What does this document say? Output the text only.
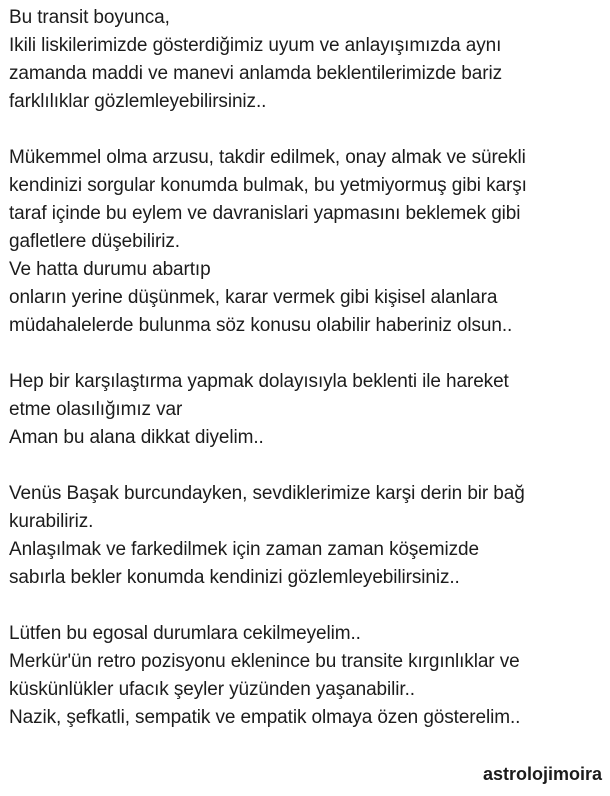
Bu transit boyunca,
Ikili liskilerimizde gösterdiğimiz uyum ve anlayışımızda aynı
zamanda maddi ve manevi anlamda beklentilerimizde bariz
farklılıklar gözlemleyebilirsiniz..
Mükemmel olma arzusu, takdir edilmek, onay almak ve sürekli
kendinizi sorgular konumda bulmak, bu yetmiyormuş gibi karşı
taraf içinde bu eylem ve davranislari yapmasını beklemek gibi
gafletlere düşebiliriz.
Ve hatta durumu abartıp
onların yerine düşünmek, karar vermek gibi kişisel alanlara
müdahalelerde bulunma söz konusu olabilir haberiniz olsun..
Hep bir karşılaştırma yapmak dolayısıyla beklenti ile hareket
etme olasılığımız var
Aman bu alana dikkat diyelim..
Venüs Başak burcundayken, sevdiklerimize karşi derin bir bağ
kurabiliriz.
Anlaşılmak ve farkedilmek için zaman zaman köşemizde
sabırla bekler konumda kendinizi gözlemleyebilirsiniz..
Lütfen bu egosal durumlara cekilmeyelim..
Merkür'ün retro pozisyonu eklenince bu transite kırgınlıklar ve
küskünlükler ufacık şeyler yüzünden yaşanabilir..
Nazik, şefkatli, sempatik ve empatik olmaya özen gösterelim..
astrolojimoira
